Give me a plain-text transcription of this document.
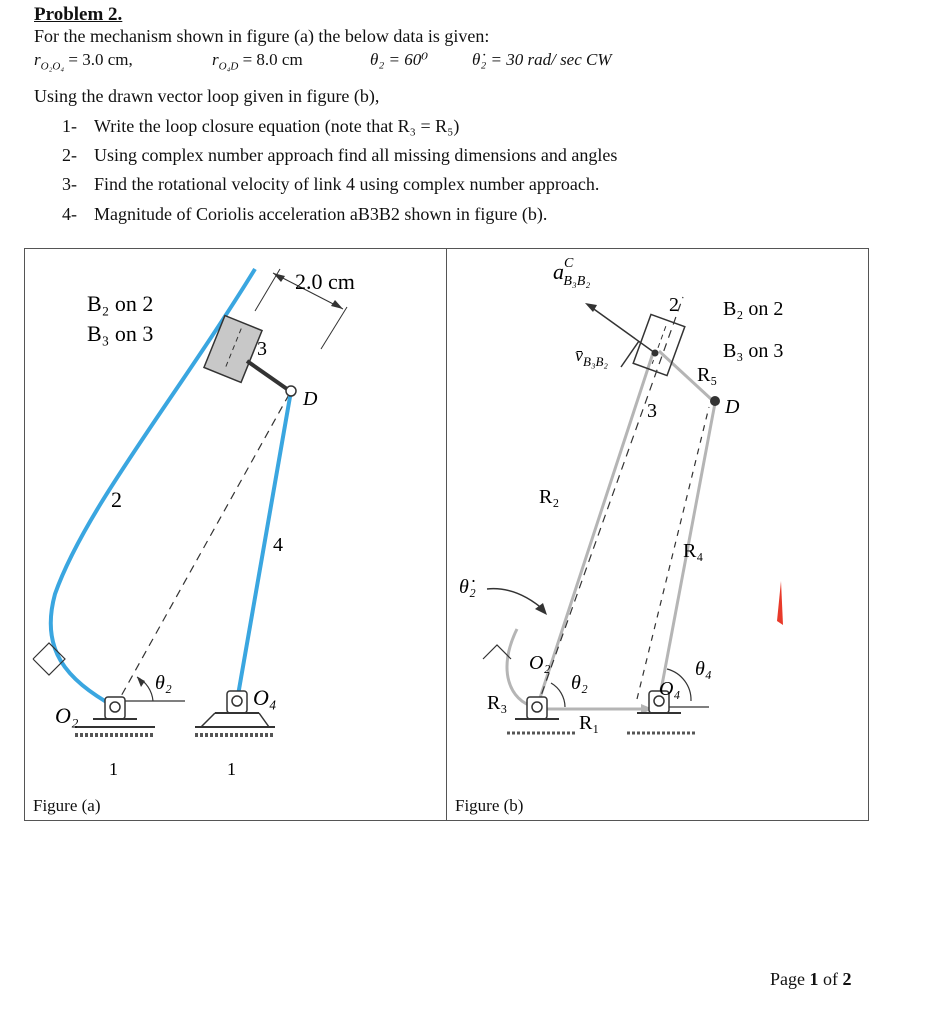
Problem 2.
For the mechanism shown in figure (a) the below data is given:
$r_{O_2O_4} = 3.0$ cm,	$r_{O_4D} = 8.0$ cm	θ₂ = 60⁰	θ̇₂ = 30 rad/ sec CW
Using the drawn vector loop given in figure (b),
1- Write the loop closure equation (note that R₃ = R₅)
2- Using complex number approach find all missing dimensions and angles
3- Find the rotational velocity of link 4 using complex number approach.
4- Magnitude of Coriolis acceleration aB3B2 shown in figure (b).
2.0 cm
B₂ on 2
B₃ on 3
2
3
4
D
O₂
O₄
θ₂
1	1
Figure (a)
$a^C$ B₃B₂
$v̄_{B_3B_2}$
2 B₂ on 2
B₃ on 3
R₅
3	D
R₂
R₄
θ̇₂
O₂
θ₂
θ₄
O₄
R₃
R₁
Figure (b)
Page 1 of 2
